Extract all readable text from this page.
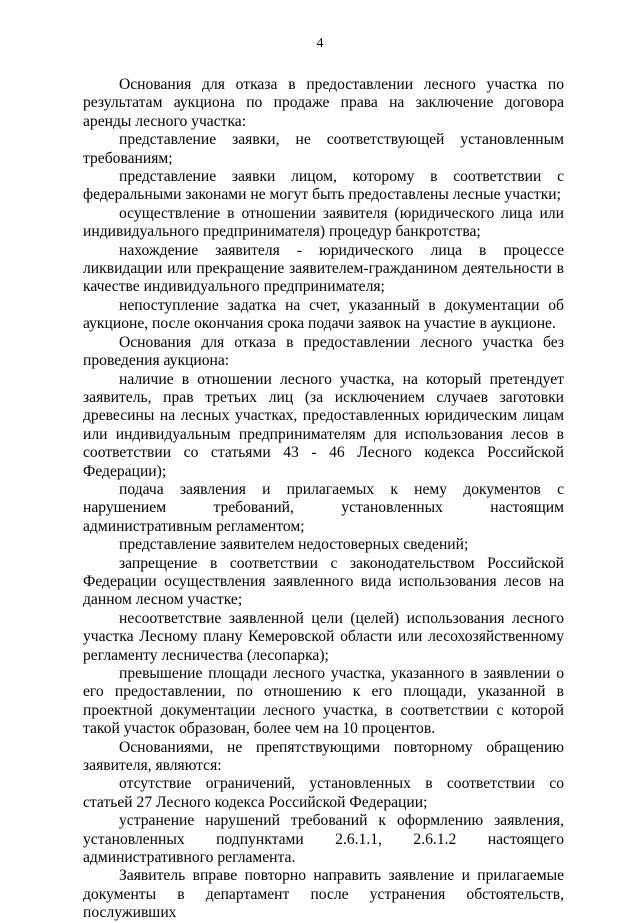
4

Основания для отказа в предоставлении лесного участка по результатам аукциона по продаже права на заключение договора аренды лесного участка:

представление заявки, не соответствующей установленным требованиям;

представление заявки лицом, которому в соответствии с федеральными законами не могут быть предоставлены лесные участки;

осуществление в отношении заявителя (юридического лица или индивидуального предпринимателя) процедур банкротства;

нахождение заявителя - юридического лица в процессе ликвидации или прекращение заявителем-гражданином деятельности в качестве индивидуального предпринимателя;

непоступление задатка на счет, указанный в документации об аукционе, после окончания срока подачи заявок на участие в аукционе.

Основания для отказа в предоставлении лесного участка без проведения аукциона:

наличие в отношении лесного участка, на который претендует заявитель, прав третьих лиц (за исключением случаев заготовки древесины на лесных участках, предоставленных юридическим лицам или индивидуальным предпринимателям для использования лесов в соответствии со статьями 43 - 46 Лесного кодекса Российской Федерации);

подача заявления и прилагаемых к нему документов с нарушением требований, установленных настоящим административным регламентом;

представление заявителем недостоверных сведений;

запрещение в соответствии с законодательством Российской Федерации осуществления заявленного вида использования лесов на данном лесном участке;

несоответствие заявленной цели (целей) использования лесного участка Лесному плану Кемеровской области или лесохозяйственному регламенту лесничества (лесопарка);

превышение площади лесного участка, указанного в заявлении о его предоставлении, по отношению к его площади, указанной в проектной документации лесного участка, в соответствии с которой такой участок образован, более чем на 10 процентов.

Основаниями, не препятствующими повторному обращению заявителя, являются:

отсутствие ограничений, установленных в соответствии со статьей 27 Лесного кодекса Российской Федерации;

устранение нарушений требований к оформлению заявления, установленных подпунктами 2.6.1.1, 2.6.1.2 настоящего административного регламента.

Заявитель вправе повторно направить заявление и прилагаемые документы в департамент после устранения обстоятельств, послуживших
